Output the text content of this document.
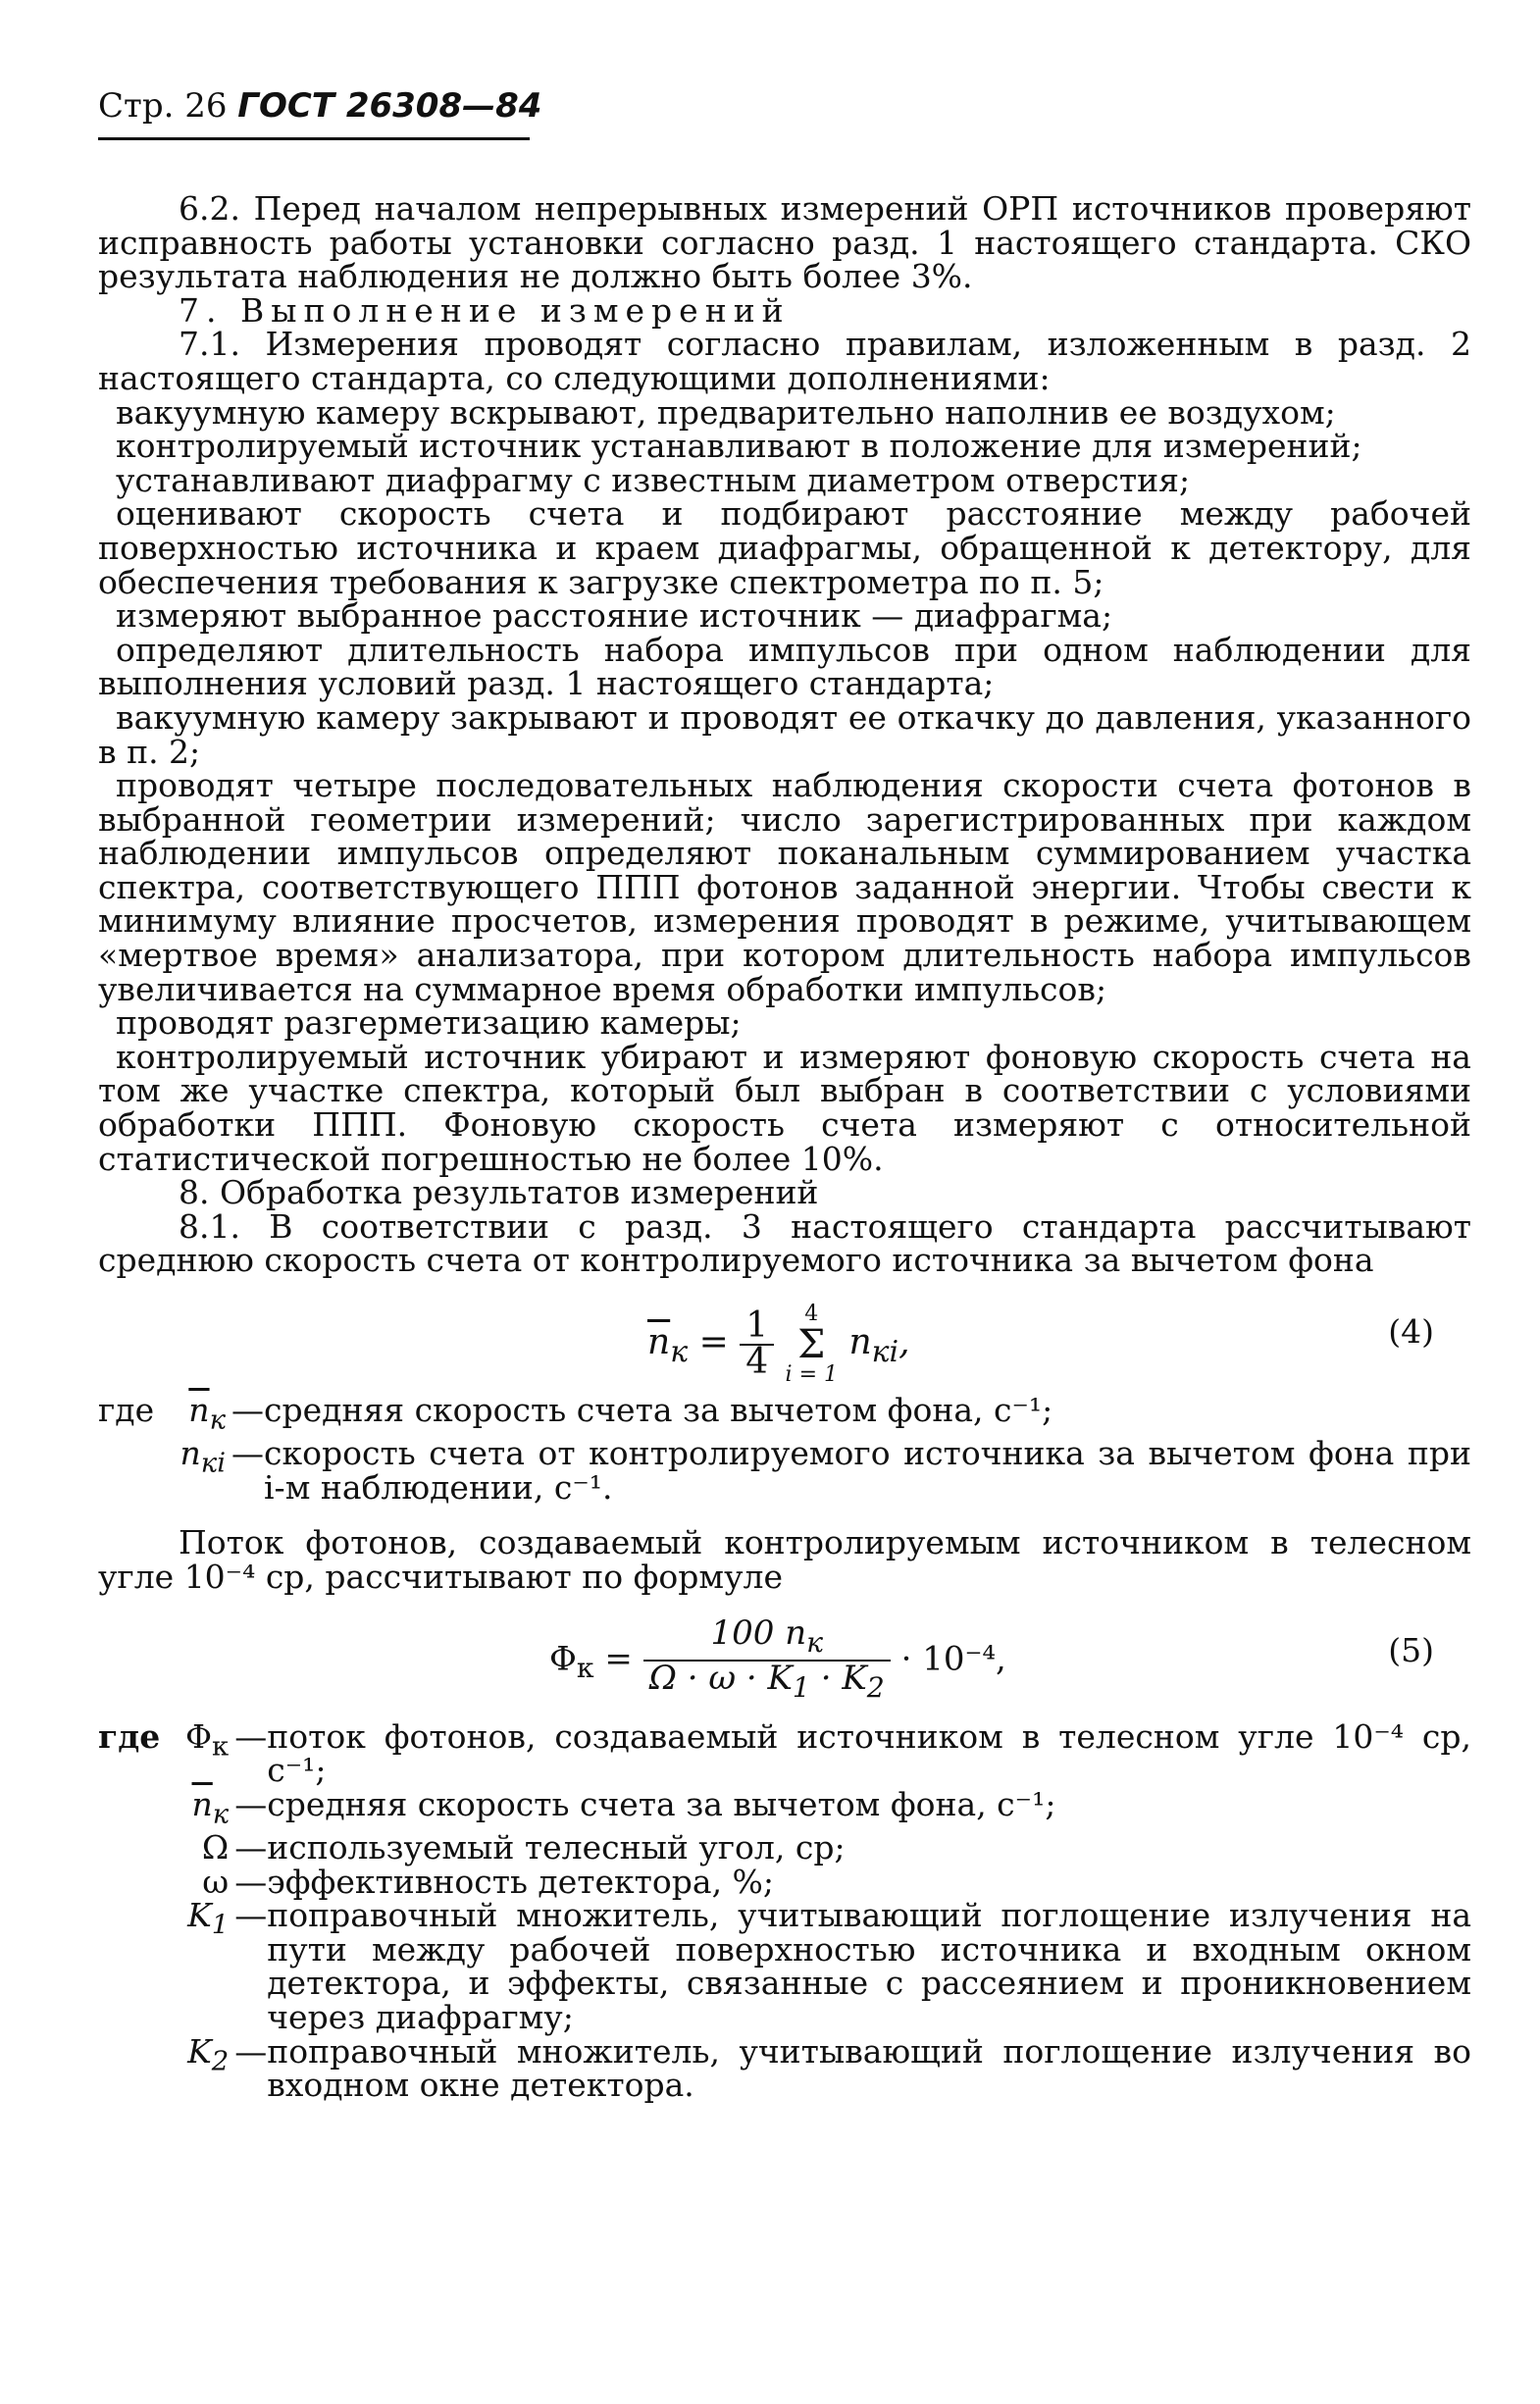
Стр. 26 ГОСТ 26308—84

6.2. Перед началом непрерывных измерений ОРП источников проверяют исправность работы установки согласно разд. 1 настоящего стандарта. СКО результата наблюдения не должно быть более 3%.

7. Выполнение измерений

7.1. Измерения проводят согласно правилам, изложенным в разд. 2 настоящего стандарта, со следующими дополнениями:

вакуумную камеру вскрывают, предварительно наполнив ее воздухом;

контролируемый источник устанавливают в положение для измерений;

устанавливают диафрагму с известным диаметром отверстия;

оценивают скорость счета и подбирают расстояние между рабочей поверхностью источника и краем диафрагмы, обращенной к детектору, для обеспечения требования к загрузке спектрометра по п. 5;

измеряют выбранное расстояние источник — диафрагма;

определяют длительность набора импульсов при одном наблюдении для выполнения условий разд. 1 настоящего стандарта;

вакуумную камеру закрывают и проводят ее откачку до давления, указанного в п. 2;

проводят четыре последовательных наблюдения скорости счета фотонов в выбранной геометрии измерений; число зарегистрированных при каждом наблюдении импульсов определяют поканальным суммированием участка спектра, соответствующего ППП фотонов заданной энергии. Чтобы свести к минимуму влияние просчетов, измерения проводят в режиме, учитывающем «мертвое время» анализатора, при котором длительность набора импульсов увеличивается на суммарное время обработки импульсов;

проводят разгерметизацию камеры;

контролируемый источник убирают и измеряют фоновую скорость счета на том же участке спектра, который был выбран в соответствии с условиями обработки ППП. Фоновую скорость счета измеряют с относительной статистической погрешностью не более 10%.

8. Обработка результатов измерений

8.1. В соответствии с разд. 3 настоящего стандарта рассчитывают среднюю скорость счета от контролируемого источника за вычетом фона

$\overline{n}_к = \frac{1}{4}$
	4
Σ
i = 1
$n_{кi}$,	(4)
где	$\overline{n}_к$	—	средняя скорость счета за вычетом фона, с⁻¹;
	$n_{кi}$	—	скорость счета от контролируемого источника за вычетом фона при i-м наблюдении, с⁻¹.

Поток фотонов, создаваемый контролируемым источником в телесном угле 10⁻⁴ ср, рассчитывают по формуле

$\Phi_к = \frac{100 n_к}{\Omega \cdot \omega \cdot K_1 \cdot K_2} \cdot 10^{-4}$,	(5)
где	$\Phi_к$	—	поток фотонов, создаваемый источником в телесном угле 10⁻⁴ ср, с⁻¹;
	$\overline{n}_к$	—	средняя скорость счета за вычетом фона, с⁻¹;
	Ω	—	используемый телесный угол, ср;
	ω	—	эффективность детектора, %;
	$K_1$	—	поправочный множитель, учитывающий поглощение излучения на пути между рабочей поверхностью источника и входным окном детектора, и эффекты, связанные с рассеянием и проникновением через диафрагму;
	$K_2$	—	поправочный множитель, учитывающий поглощение излучения во входном окне детектора.
